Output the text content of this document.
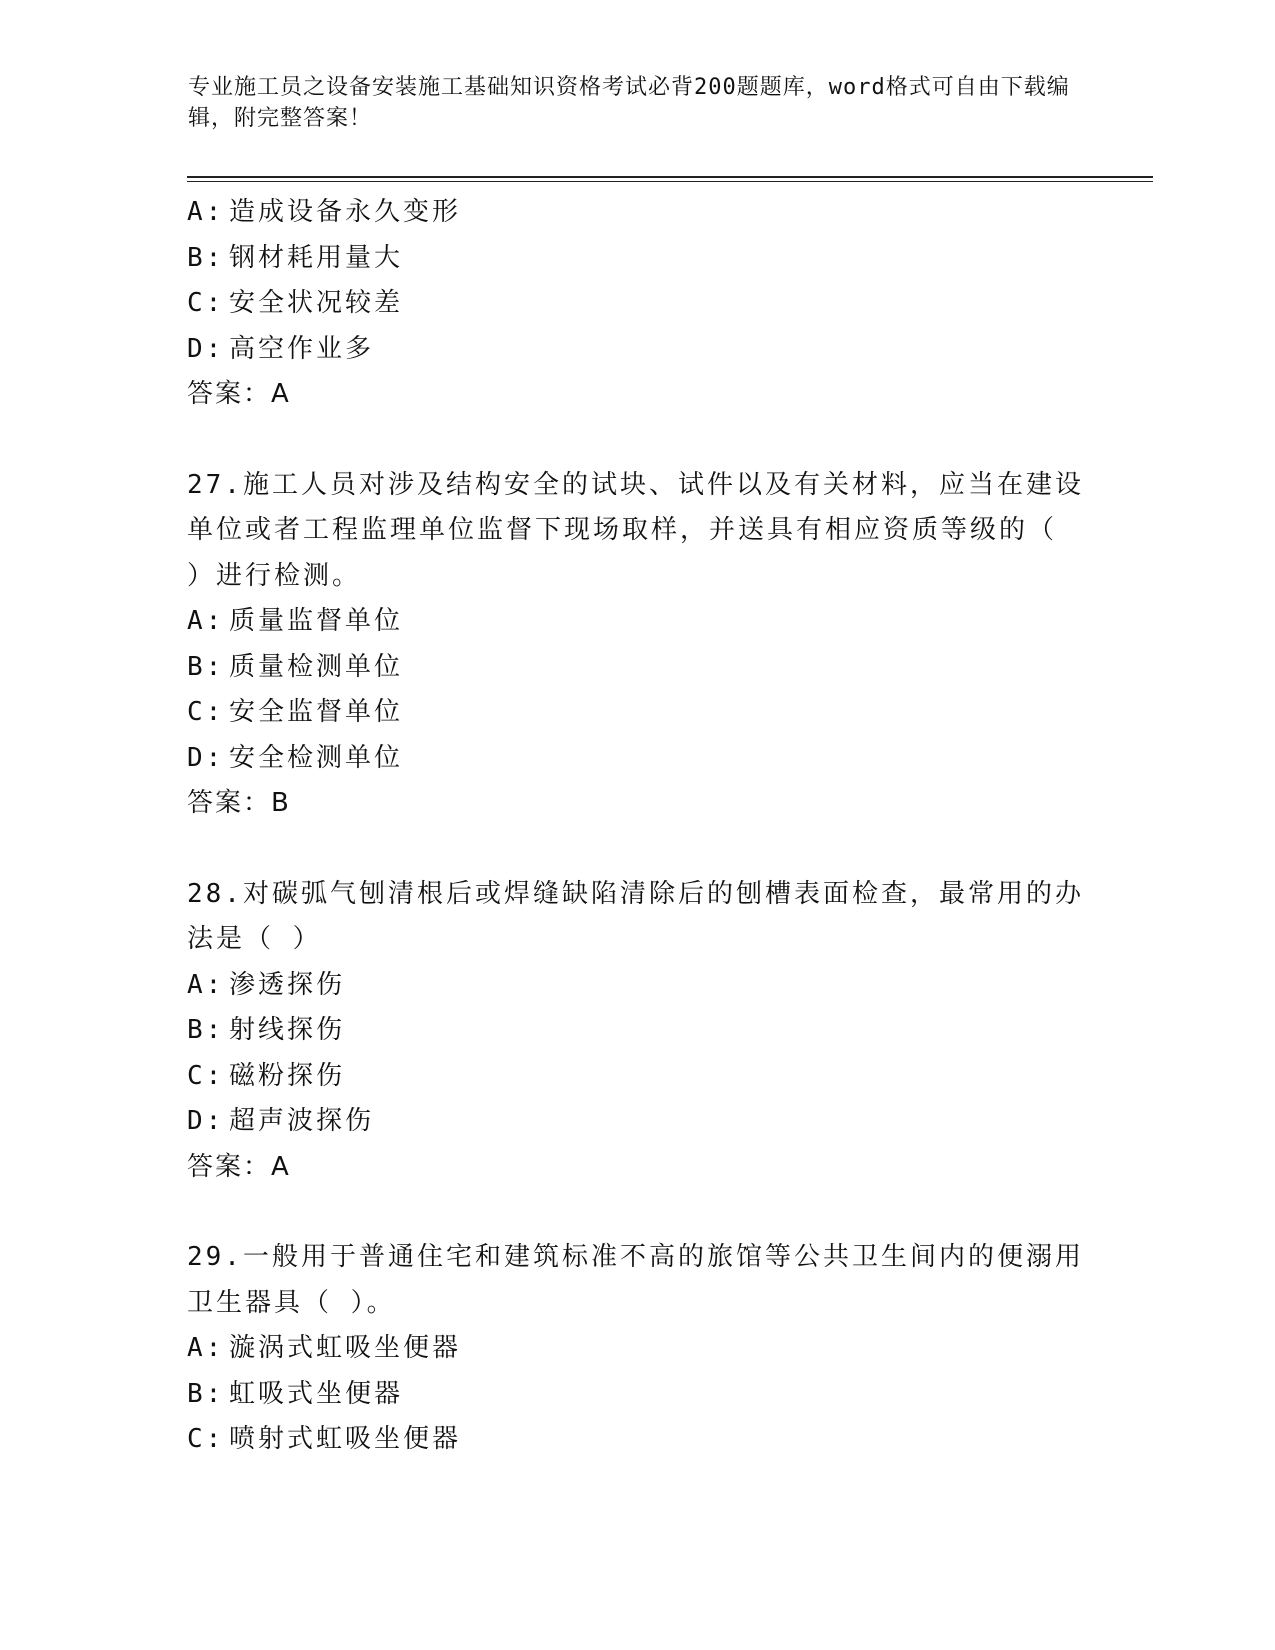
专业施工员之设备安装施工基础知识资格考试必背200题题库，word格式可自由下载编辑，附完整答案！
A: 造成设备永久变形
B: 钢材耗用量大
C: 安全状况较差
D: 高空作业多
答案：A
27.施工人员对涉及结构安全的试块、试件以及有关材料，应当在建设
单位或者工程监理单位监督下现场取样，并送具有相应资质等级的（
）进行检测。
A: 质量监督单位
B: 质量检测单位
C: 安全监督单位
D: 安全检测单位
答案：B
28.对碳弧气刨清根后或焊缝缺陷清除后的刨槽表面检查，最常用的办
法是（ ）
A: 渗透探伤
B: 射线探伤
C: 磁粉探伤
D: 超声波探伤
答案：A
29.一般用于普通住宅和建筑标准不高的旅馆等公共卫生间内的便溺用
卫生器具（ ）。
A: 漩涡式虹吸坐便器
B: 虹吸式坐便器
C: 喷射式虹吸坐便器
